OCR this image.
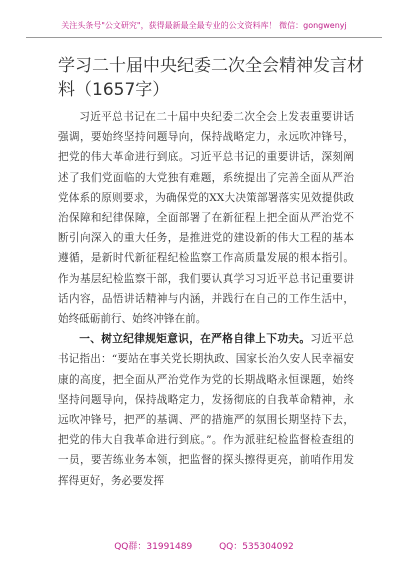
关注头条号"公文研究"，获得最新最全最专业的公文资料库！ 微信：gongwenyj
学习二十届中央纪委二次全会精神发言材料（1657字）

习近平总书记在二十届中央纪委二次全会上发表重要讲话强调，要始终坚持问题导向，保持战略定力，永远吹冲锋号，把党的伟大革命进行到底。习近平总书记的重要讲话，深刻阐述了我们党面临的大党独有难题，系统提出了完善全面从严治党体系的原则要求，为确保党的XX大决策部署落实见效提供政治保障和纪律保障，全面部署了在新征程上把全面从严治党不断引向深入的重大任务，是推进党的建设新的伟大工程的基本遵循，是新时代新征程纪检监察工作高质量发展的根本指引。作为基层纪检监察干部，我们要认真学习习近平总书记重要讲话内容，品悟讲话精神与内涵，并践行在自己的工作生活中，始终砥砺前行、始终冲锋在前。

一、树立纪律规矩意识，在严格自律上下功夫。习近平总书记指出：“要站在事关党长期执政、国家长治久安人民幸福安康的高度，把全面从严治党作为党的长期战略永恒课题，始终坚持问题导向，保持战略定力，发扬彻底的自我革命精神，永远吹冲锋号，把严的基调、严的措施严的氛围长期坚持下去，把党的伟大自我革命进行到底。”。作为派驻纪检监督检查组的一员，要苦练业务本领，把监督的探头擦得更亮，前哨作用发挥得更好，务必要发挥

QQ群：31991489	QQ：535304092
